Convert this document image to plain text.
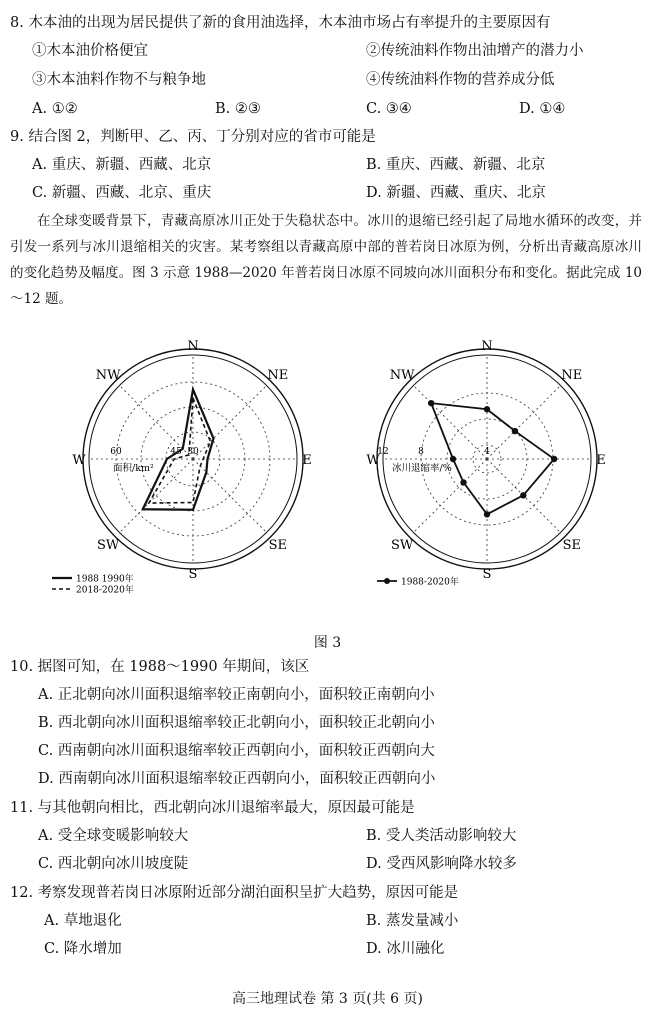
8. 木本油的出现为居民提供了新的食用油选择，木本油市场占有率提升的主要原因有
①木本油价格便宜	②传统油料作物出油增产的潜力小
③木本油料作物不与粮争地	④传统油料作物的营养成分低
A. ①②	B. ②③	C. ③④	D. ①④
9. 结合图 2，判断甲、乙、丙、丁分别对应的省市可能是
A. 重庆、新疆、西藏、北京	B. 重庆、西藏、新疆、北京
C. 新疆、西藏、北京、重庆	D. 新疆、西藏、重庆、北京

在全球变暖背景下，青藏高原冰川正处于失稳状态中。冰川的退缩已经引起了局地水循环的改变，并引发一系列与冰川退缩相关的灾害。某考察组以青藏高原中部的普若岗日冰原为例，分析出青藏高原冰川的变化趋势及幅度。图 3 示意 1988—2020 年普若岗日冰原不同坡向冰川面积分布和变化。据此完成 10～12 题。

N
NE
E
SE
S
SW
W
NW
30
45
60
面积/km²
1988 1990年
2018-2020年
N
NE
E
SE
S
SW
W
NW
4
8
12
冰川退缩率/%
1988-2020年
图 3
10. 据图可知，在 1988～1990 年期间，该区
A. 正北朝向冰川面积退缩率较正南朝向小，面积较正南朝向小
B. 西北朝向冰川面积退缩率较正北朝向小，面积较正北朝向小
C. 西南朝向冰川面积退缩率较正西朝向小，面积较正西朝向大
D. 西南朝向冰川面积退缩率较正西朝向小，面积较正西朝向小
11. 与其他朝向相比，西北朝向冰川退缩率最大，原因最可能是
A. 受全球变暖影响较大	B. 受人类活动影响较大
C. 西北朝向冰川坡度陡	D. 受西风影响降水较多
12. 考察发现普若岗日冰原附近部分湖泊面积呈扩大趋势，原因可能是
A. 草地退化	B. 蒸发量减小
C. 降水增加	D. 冰川融化
高三地理试卷 第 3 页(共 6 页)
